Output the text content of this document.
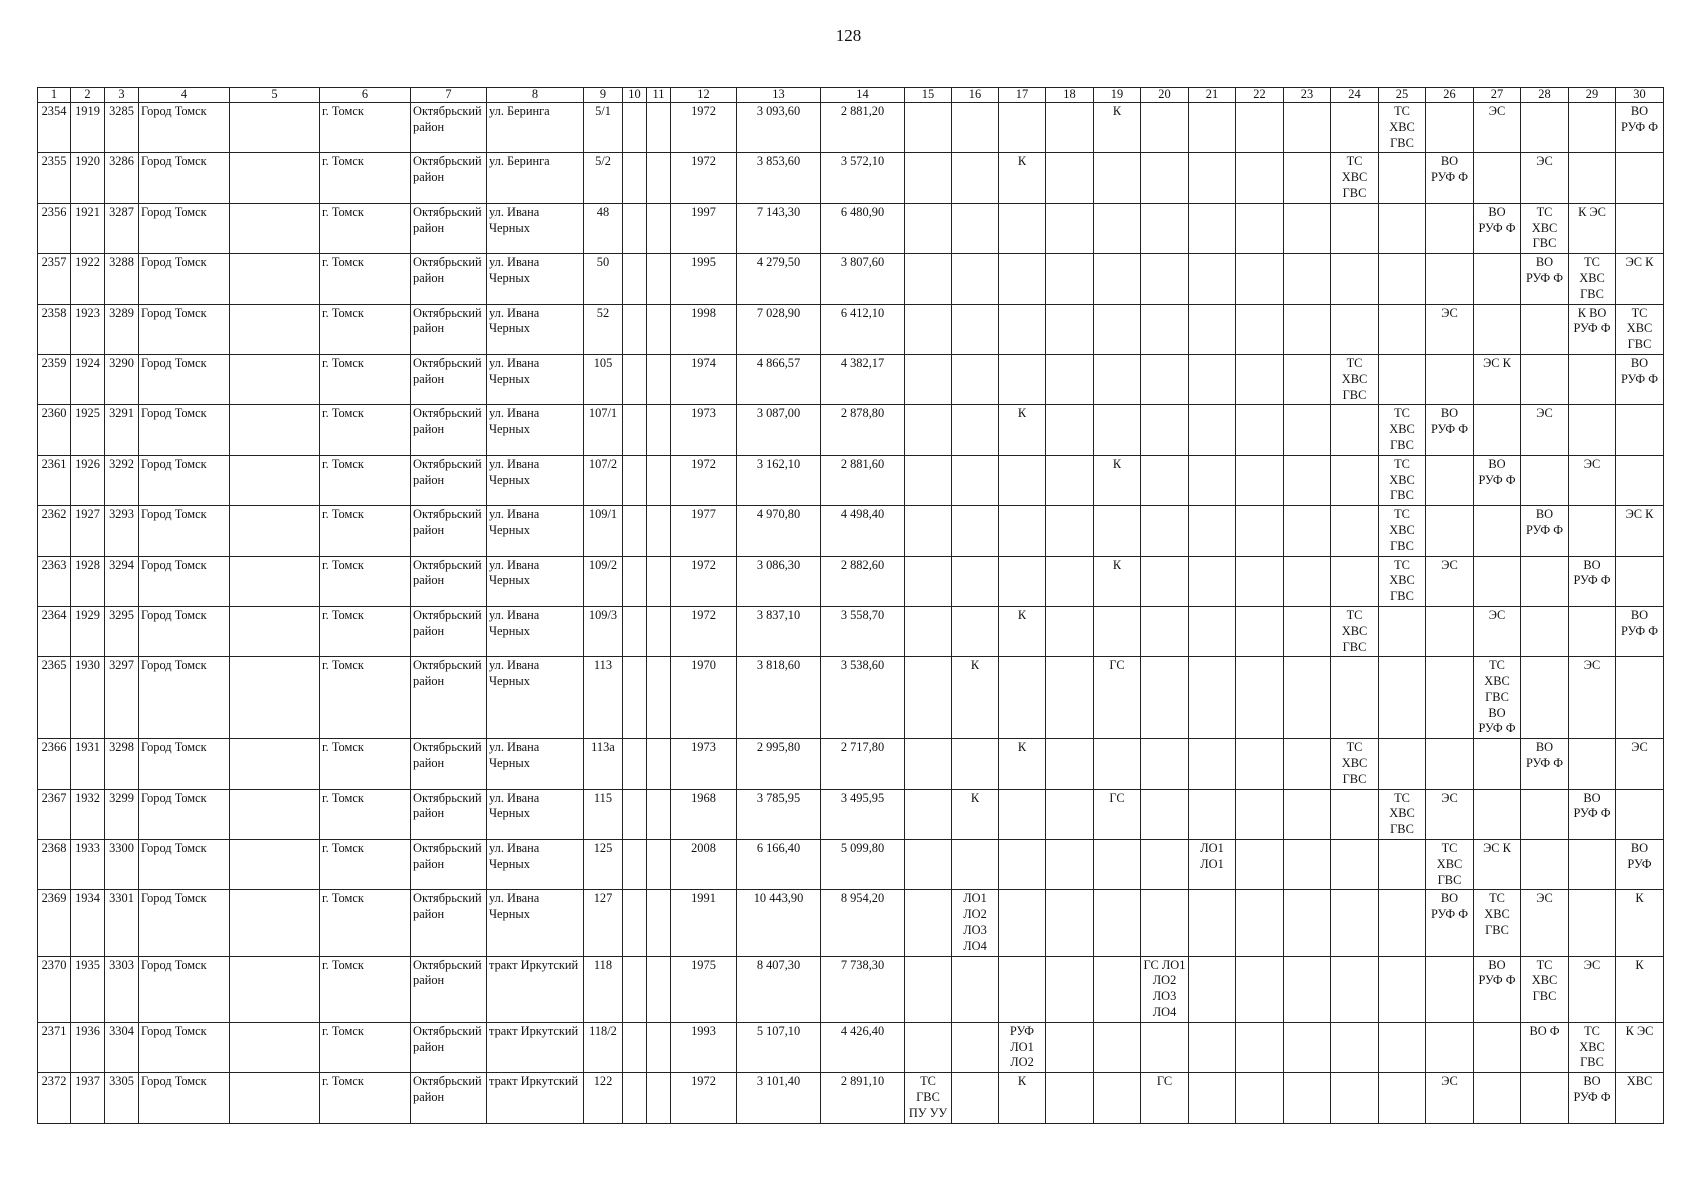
128
1	2	3	4	5	6	7	8	9	10	11	12	13	14	15	16	17	18	19	20	21	22	23	24	25	26	27	28	29	30
2354	1919	3285	Город Томск		г. Томск	Октябрьский район	ул. Беринга	5/1			1972	3 093,60	2 881,20					К						ТС ХВС ГВС		ЭС			ВО РУФ Ф
2355	1920	3286	Город Томск		г. Томск	Октябрьский район	ул. Беринга	5/2			1972	3 853,60	3 572,10			К							ТС ХВС ГВС		ВО РУФ Ф		ЭС		
2356	1921	3287	Город Томск		г. Томск	Октябрьский район	ул. Ивана Черных	48			1997	7 143,30	6 480,90													ВО РУФ Ф	ТС ХВС ГВС	К ЭС	
2357	1922	3288	Город Томск		г. Томск	Октябрьский район	ул. Ивана Черных	50			1995	4 279,50	3 807,60														ВО РУФ Ф	ТС ХВС ГВС	ЭС К
2358	1923	3289	Город Томск		г. Томск	Октябрьский район	ул. Ивана Черных	52			1998	7 028,90	6 412,10												ЭС			К ВО РУФ Ф	ТС ХВС ГВС
2359	1924	3290	Город Томск		г. Томск	Октябрьский район	ул. Ивана Черных	105			1974	4 866,57	4 382,17										ТС ХВС ГВС			ЭС К			ВО РУФ Ф
2360	1925	3291	Город Томск		г. Томск	Октябрьский район	ул. Ивана Черных	107/1			1973	3 087,00	2 878,80			К								ТС ХВС ГВС	ВО РУФ Ф		ЭС		
2361	1926	3292	Город Томск		г. Томск	Октябрьский район	ул. Ивана Черных	107/2			1972	3 162,10	2 881,60					К						ТС ХВС ГВС		ВО РУФ Ф		ЭС	
2362	1927	3293	Город Томск		г. Томск	Октябрьский район	ул. Ивана Черных	109/1			1977	4 970,80	4 498,40											ТС ХВС ГВС			ВО РУФ Ф		ЭС К
2363	1928	3294	Город Томск		г. Томск	Октябрьский район	ул. Ивана Черных	109/2			1972	3 086,30	2 882,60					К						ТС ХВС ГВС	ЭС			ВО РУФ Ф	
2364	1929	3295	Город Томск		г. Томск	Октябрьский район	ул. Ивана Черных	109/3			1972	3 837,10	3 558,70			К							ТС ХВС ГВС			ЭС			ВО РУФ Ф
2365	1930	3297	Город Томск		г. Томск	Октябрьский район	ул. Ивана Черных	113			1970	3 818,60	3 538,60		К			ГС								ТС ХВС ГВС ВО РУФ Ф		ЭС	
2366	1931	3298	Город Томск		г. Томск	Октябрьский район	ул. Ивана Черных	113а			1973	2 995,80	2 717,80			К							ТС ХВС ГВС				ВО РУФ Ф		ЭС
2367	1932	3299	Город Томск		г. Томск	Октябрьский район	ул. Ивана Черных	115			1968	3 785,95	3 495,95		К			ГС						ТС ХВС ГВС	ЭС			ВО РУФ Ф	
2368	1933	3300	Город Томск		г. Томск	Октябрьский район	ул. Ивана Черных	125			2008	6 166,40	5 099,80							ЛО1 ЛО1					ТС ХВС ГВС	ЭС К			ВО РУФ
2369	1934	3301	Город Томск		г. Томск	Октябрьский район	ул. Ивана Черных	127			1991	10 443,90	8 954,20		ЛО1 ЛО2 ЛО3 ЛО4										ВО РУФ Ф	ТС ХВС ГВС	ЭС		К
2370	1935	3303	Город Томск		г. Томск	Октябрьский район	тракт Иркутский	118			1975	8 407,30	7 738,30						ГС ЛО1 ЛО2 ЛО3 ЛО4							ВО РУФ Ф	ТС ХВС ГВС	ЭС	К
2371	1936	3304	Город Томск		г. Томск	Октябрьский район	тракт Иркутский	118/2			1993	5 107,10	4 426,40			РУФ ЛО1 ЛО2											ВО Ф	ТС ХВС ГВС	К ЭС
2372	1937	3305	Город Томск		г. Томск	Октябрьский район	тракт Иркутский	122			1972	3 101,40	2 891,10	ТС ГВС ПУ УУ		К			ГС						ЭС			ВО РУФ Ф	ХВС
